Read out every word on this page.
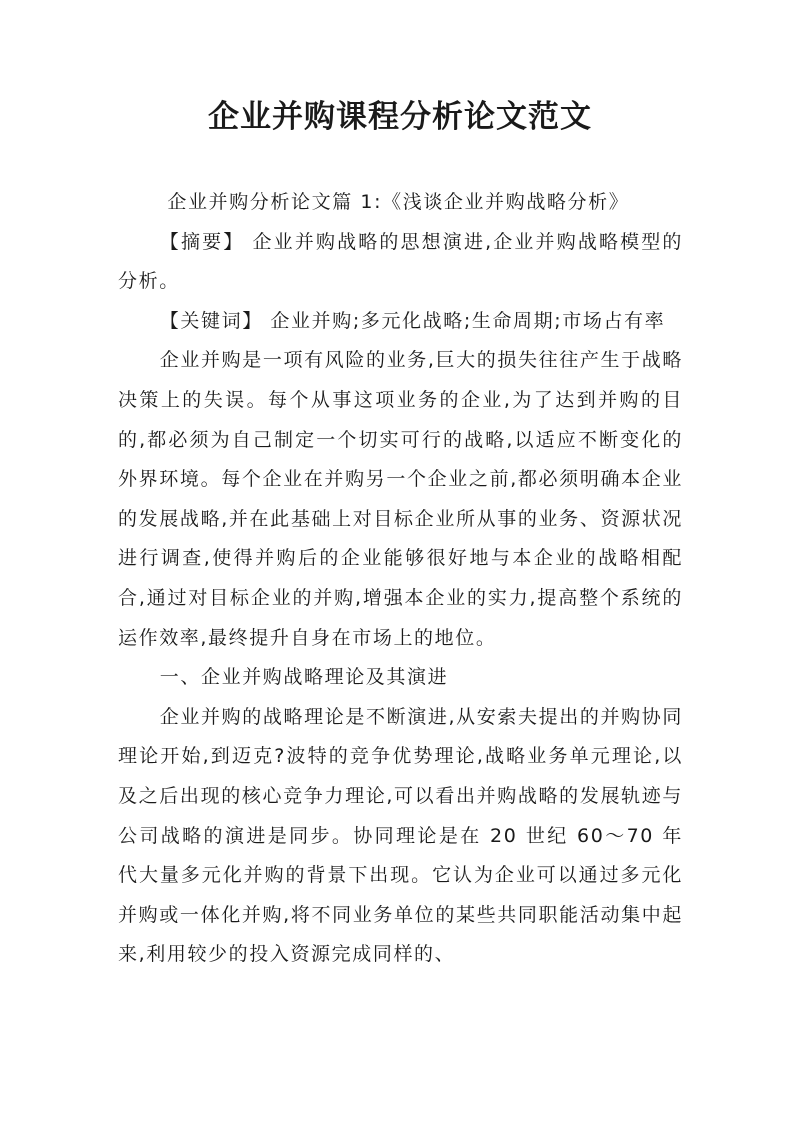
企业并购课程分析论文范文

企业并购分析论文篇 1:《浅谈企业并购战略分析》

【摘要】 企业并购战略的思想演进,企业并购战略模型的分析。

【关键词】 企业并购;多元化战略;生命周期;市场占有率

企业并购是一项有风险的业务,巨大的损失往往产生于战略决策上的失误。每个从事这项业务的企业,为了达到并购的目的,都必须为自己制定一个切实可行的战略,以适应不断变化的外界环境。每个企业在并购另一个企业之前,都必须明确本企业的发展战略,并在此基础上对目标企业所从事的业务、资源状况进行调查,使得并购后的企业能够很好地与本企业的战略相配合,通过对目标企业的并购,增强本企业的实力,提高整个系统的运作效率,最终提升自身在市场上的地位。

一、企业并购战略理论及其演进

企业并购的战略理论是不断演进,从安索夫提出的并购协同理论开始,到迈克?波特的竞争优势理论,战略业务单元理论,以及之后出现的核心竞争力理论,可以看出并购战略的发展轨迹与公司战略的演进是同步。协同理论是在 20 世纪 60～70 年代大量多元化并购的背景下出现。它认为企业可以通过多元化并购或一体化并购,将不同业务单位的某些共同职能活动集中起来,利用较少的投入资源完成同样的、
